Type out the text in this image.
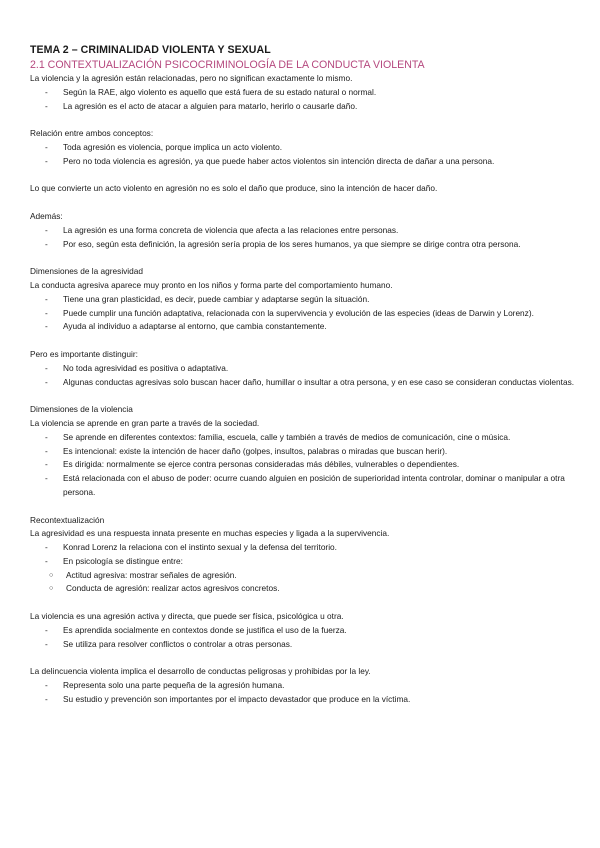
TEMA 2 – CRIMINALIDAD VIOLENTA Y SEXUAL
2.1 CONTEXTUALIZACIÓN PSICOCRIMINOLOGÍA DE LA CONDUCTA VIOLENTA

La violencia y la agresión están relacionadas, pero no significan exactamente lo mismo.

- Según la RAE, algo violento es aquello que está fuera de su estado natural o normal.
- La agresión es el acto de atacar a alguien para matarlo, herirlo o causarle daño.

Relación entre ambos conceptos:

- Toda agresión es violencia, porque implica un acto violento.
- Pero no toda violencia es agresión, ya que puede haber actos violentos sin intención directa de dañar a una persona.

Lo que convierte un acto violento en agresión no es solo el daño que produce, sino la intención de hacer daño.

Además:

- La agresión es una forma concreta de violencia que afecta a las relaciones entre personas.
- Por eso, según esta definición, la agresión sería propia de los seres humanos, ya que siempre se dirige contra otra persona.

Dimensiones de la agresividad

La conducta agresiva aparece muy pronto en los niños y forma parte del comportamiento humano.

- Tiene una gran plasticidad, es decir, puede cambiar y adaptarse según la situación.
- Puede cumplir una función adaptativa, relacionada con la supervivencia y evolución de las especies (ideas de Darwin y Lorenz).
- Ayuda al individuo a adaptarse al entorno, que cambia constantemente.

Pero es importante distinguir:

- No toda agresividad es positiva o adaptativa.
- Algunas conductas agresivas solo buscan hacer daño, humillar o insultar a otra persona, y en ese caso se consideran conductas violentas.

Dimensiones de la violencia

La violencia se aprende en gran parte a través de la sociedad.

- Se aprende en diferentes contextos: familia, escuela, calle y también a través de medios de comunicación, cine o música.
- Es intencional: existe la intención de hacer daño (golpes, insultos, palabras o miradas que buscan herir).
- Es dirigida: normalmente se ejerce contra personas consideradas más débiles, vulnerables o dependientes.
- Está relacionada con el abuso de poder: ocurre cuando alguien en posición de superioridad intenta controlar, dominar o manipular a otra persona.

Recontextualización

La agresividad es una respuesta innata presente en muchas especies y ligada a la supervivencia.

- Konrad Lorenz la relaciona con el instinto sexual y la defensa del territorio.
- En psicología se distingue entre:
○ Actitud agresiva: mostrar señales de agresión.
○ Conducta de agresión: realizar actos agresivos concretos.

La violencia es una agresión activa y directa, que puede ser física, psicológica u otra.

- Es aprendida socialmente en contextos donde se justifica el uso de la fuerza.
- Se utiliza para resolver conflictos o controlar a otras personas.

La delincuencia violenta implica el desarrollo de conductas peligrosas y prohibidas por la ley.

- Representa solo una parte pequeña de la agresión humana.
- Su estudio y prevención son importantes por el impacto devastador que produce en la víctima.
